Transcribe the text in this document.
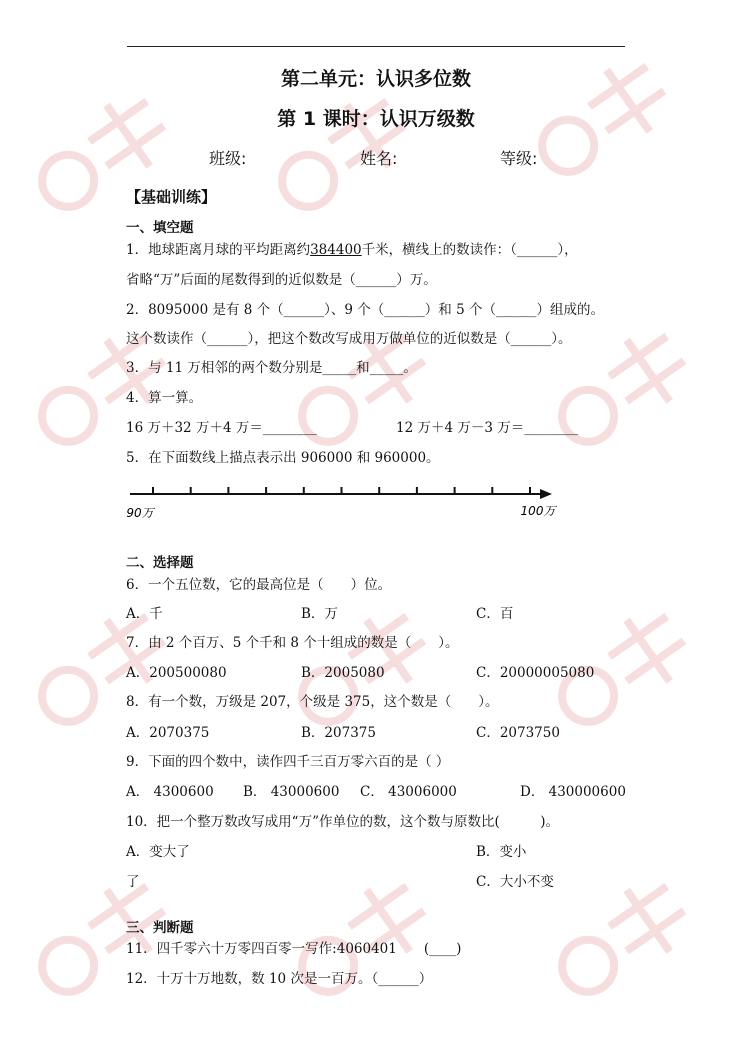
第二单元：认识多位数
第 1 课时：认识万级数
班级:	姓名:	等级:
【基础训练】
一、填空题
1．地球距离月球的平均距离约384400千米，横线上的数读作：（______），
省略“万”后面的尾数得到的近似数是（______）万。
2．8095000 是有 8 个（______）、9 个（______）和 5 个（______）组成的。
这个数读作（______），把这个数改写成用万做单位的近似数是（______）。
3．与 11 万相邻的两个数分别是_____和_____。
4．算一算。
16 万＋32 万＋4 万＝________	12 万＋4 万－3 万＝________
5．在下面数线上描点表示出 906000 和 960000。
90万	100万
二、选择题
6．一个五位数，它的最高位是（　　）位。
A．千	B．万	C．百
7．由 2 个百万、5 个千和 8 个十组成的数是（　　）。
A．200500080	B．2005080	C．20000005080
8．有一个数，万级是 207，个级是 375，这个数是（　　）。
A．2070375	B．207375	C．2073750
9．下面的四个数中，读作四千三百万零六百的是（ ）
A． 4300600 B． 43000600 C． 43006000	D． 430000600
10．把一个整万数改写成用“万”作单位的数，这个数与原数比(　　　)。
A．变大了	B．变小
了	C．大小不变
三、判断题
11．四千零六十万零四百零一写作:4060401　　(____)
12．十万十万地数，数 10 次是一百万。（______）
